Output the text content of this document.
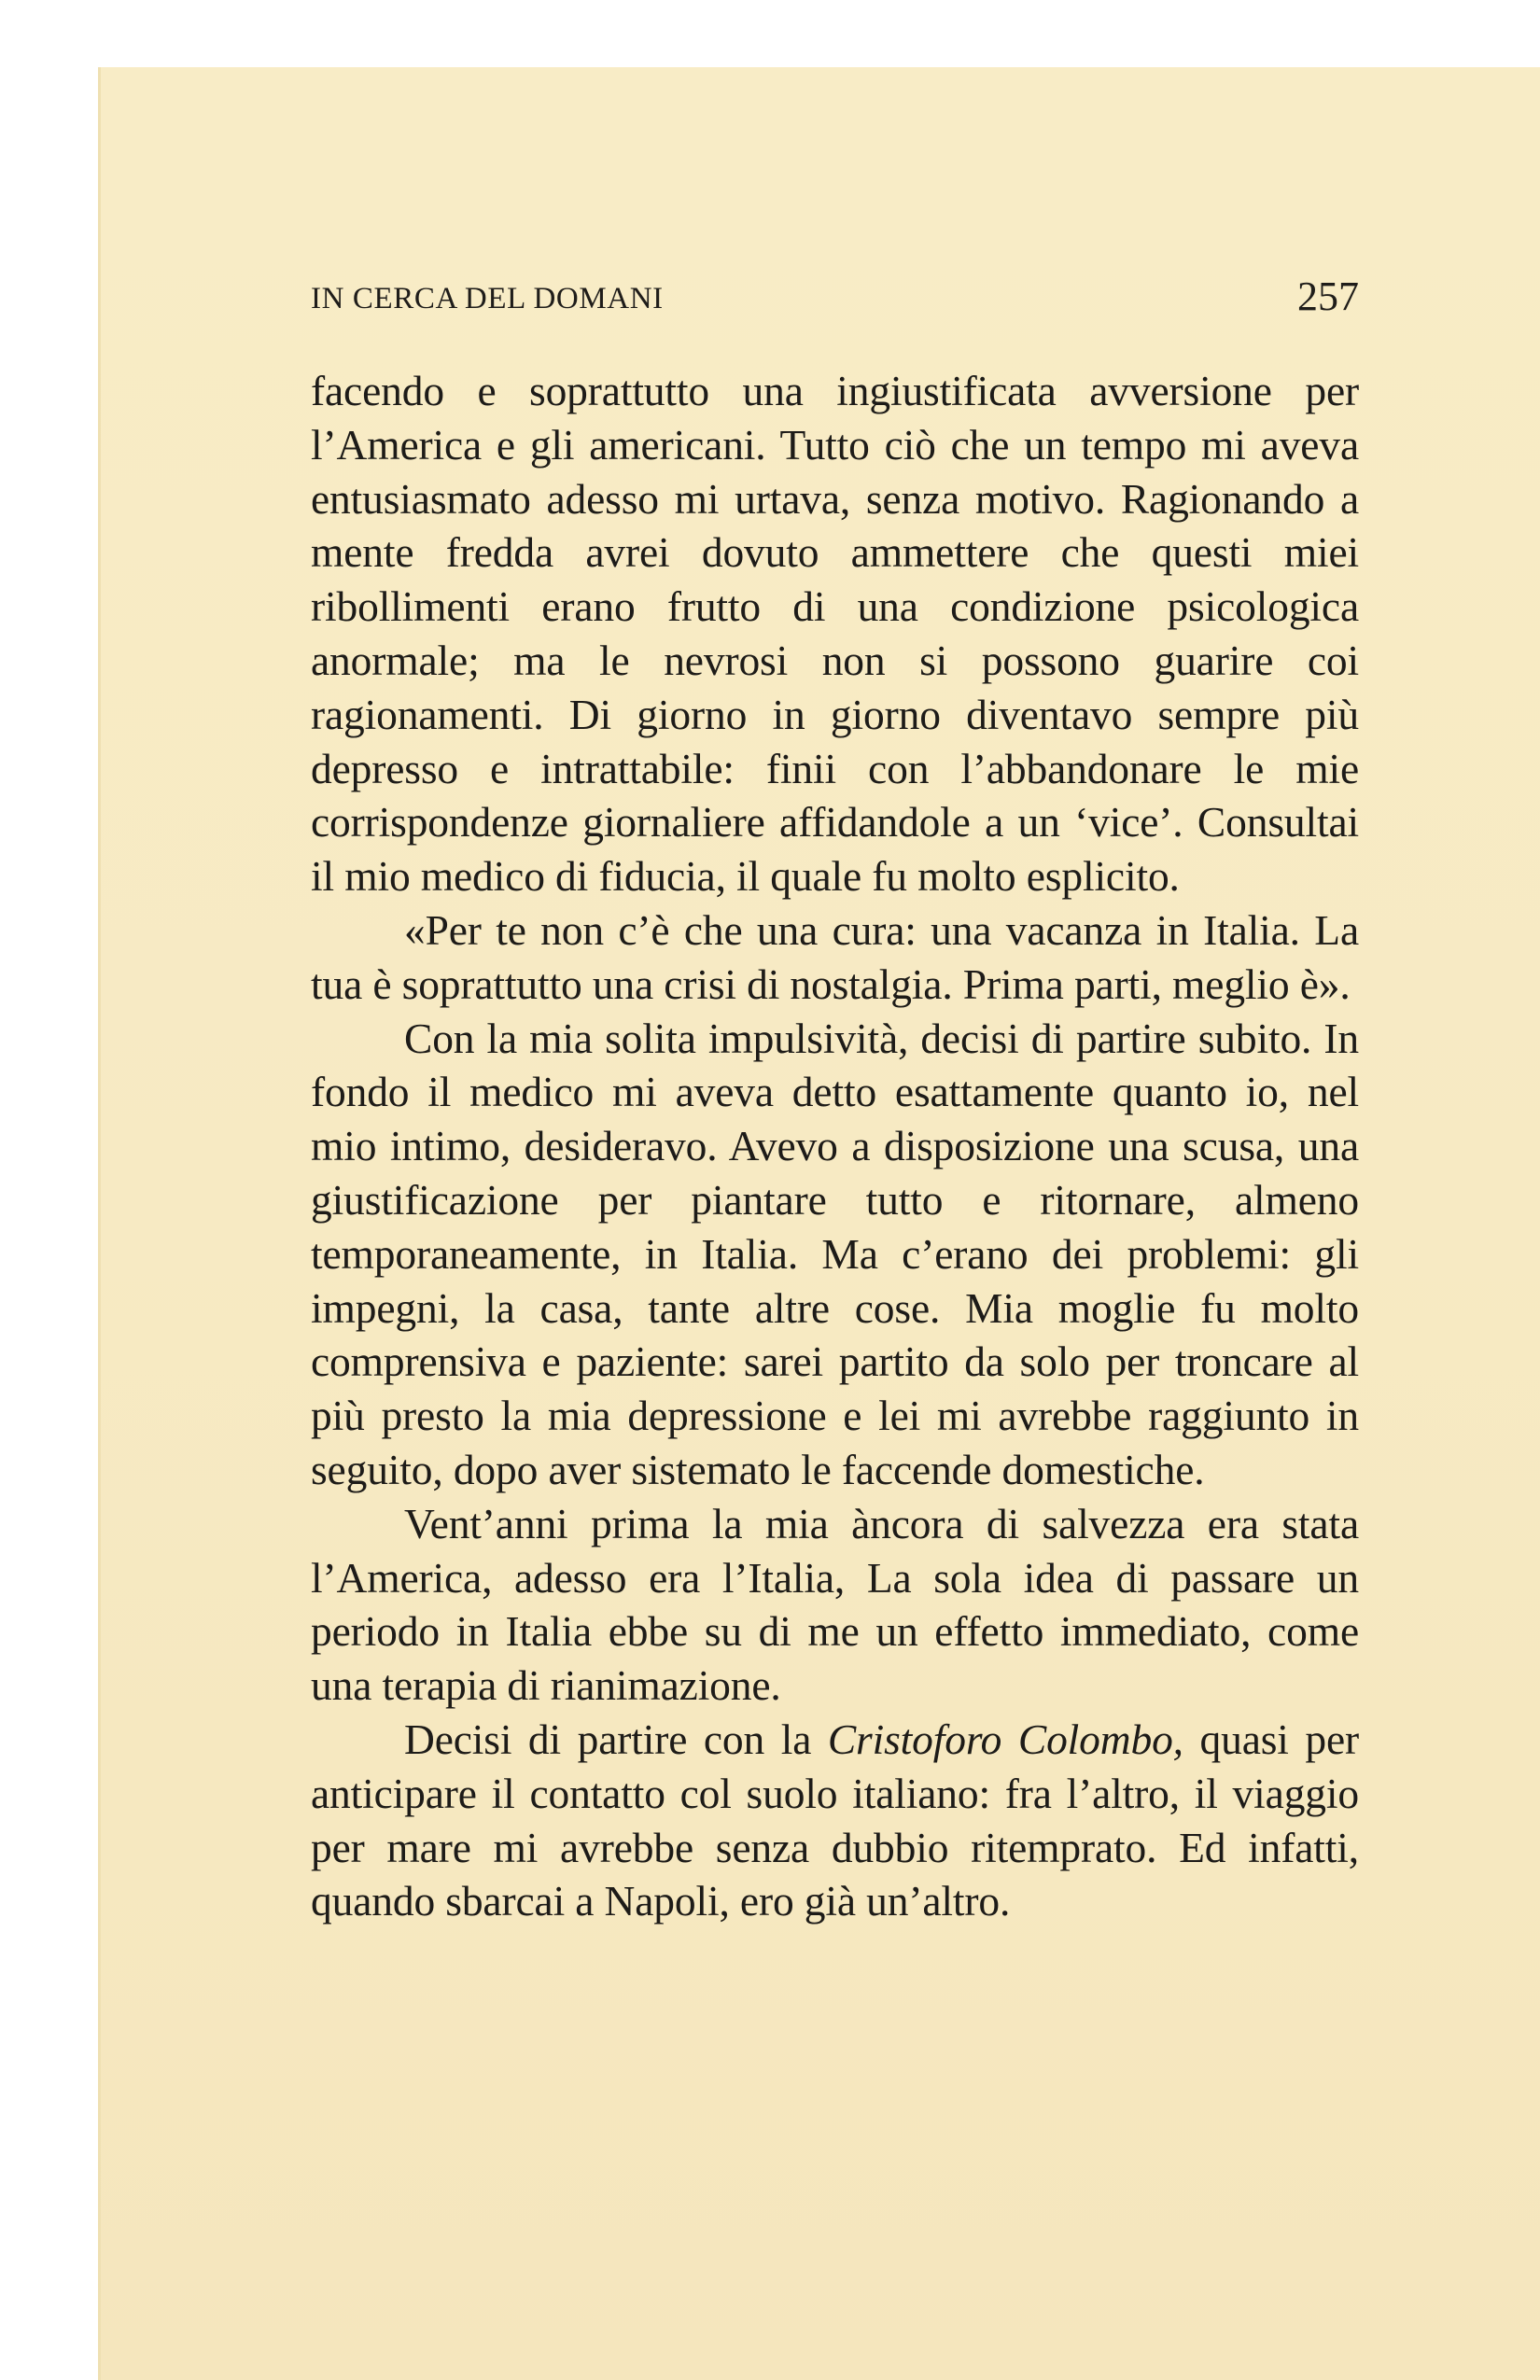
IN CERCA DEL DOMANI	257

facendo e soprattutto una ingiustificata avversione per l’America e gli americani. Tutto ciò che un tempo mi aveva entusiasmato adesso mi urtava, senza motivo. Ragionando a mente fredda avrei dovuto ammettere che questi miei ribollimenti erano frutto di una condizione psicologica anormale; ma le nevrosi non si possono guarire coi ragionamenti. Di giorno in giorno diventavo sempre più depresso e intrattabile: finii con l’abbandonare le mie corrispondenze giornaliere affidandole a un ‘vice’. Consultai il mio medico di fiducia, il quale fu molto esplicito.

«Per te non c’è che una cura: una vacanza in Italia. La tua è soprattutto una crisi di nostalgia. Prima parti, meglio è».

Con la mia solita impulsività, decisi di partire subito. In fondo il medico mi aveva detto esattamente quanto io, nel mio intimo, desideravo. Avevo a disposizione una scusa, una giustificazione per piantare tutto e ritornare, almeno temporaneamente, in Italia. Ma c’erano dei problemi: gli impegni, la casa, tante altre cose. Mia moglie fu molto comprensiva e paziente: sarei partito da solo per troncare al più presto la mia depressione e lei mi avrebbe raggiunto in seguito, dopo aver sistemato le faccende domestiche.

Vent’anni prima la mia àncora di salvezza era stata l’America, adesso era l’Italia, La sola idea di passare un periodo in Italia ebbe su di me un effetto immediato, come una terapia di rianimazione.

Decisi di partire con la Cristoforo Colombo, quasi per anticipare il contatto col suolo italiano: fra l’altro, il viaggio per mare mi avrebbe senza dubbio ritemprato. Ed infatti, quando sbarcai a Napoli, ero già un’altro.
